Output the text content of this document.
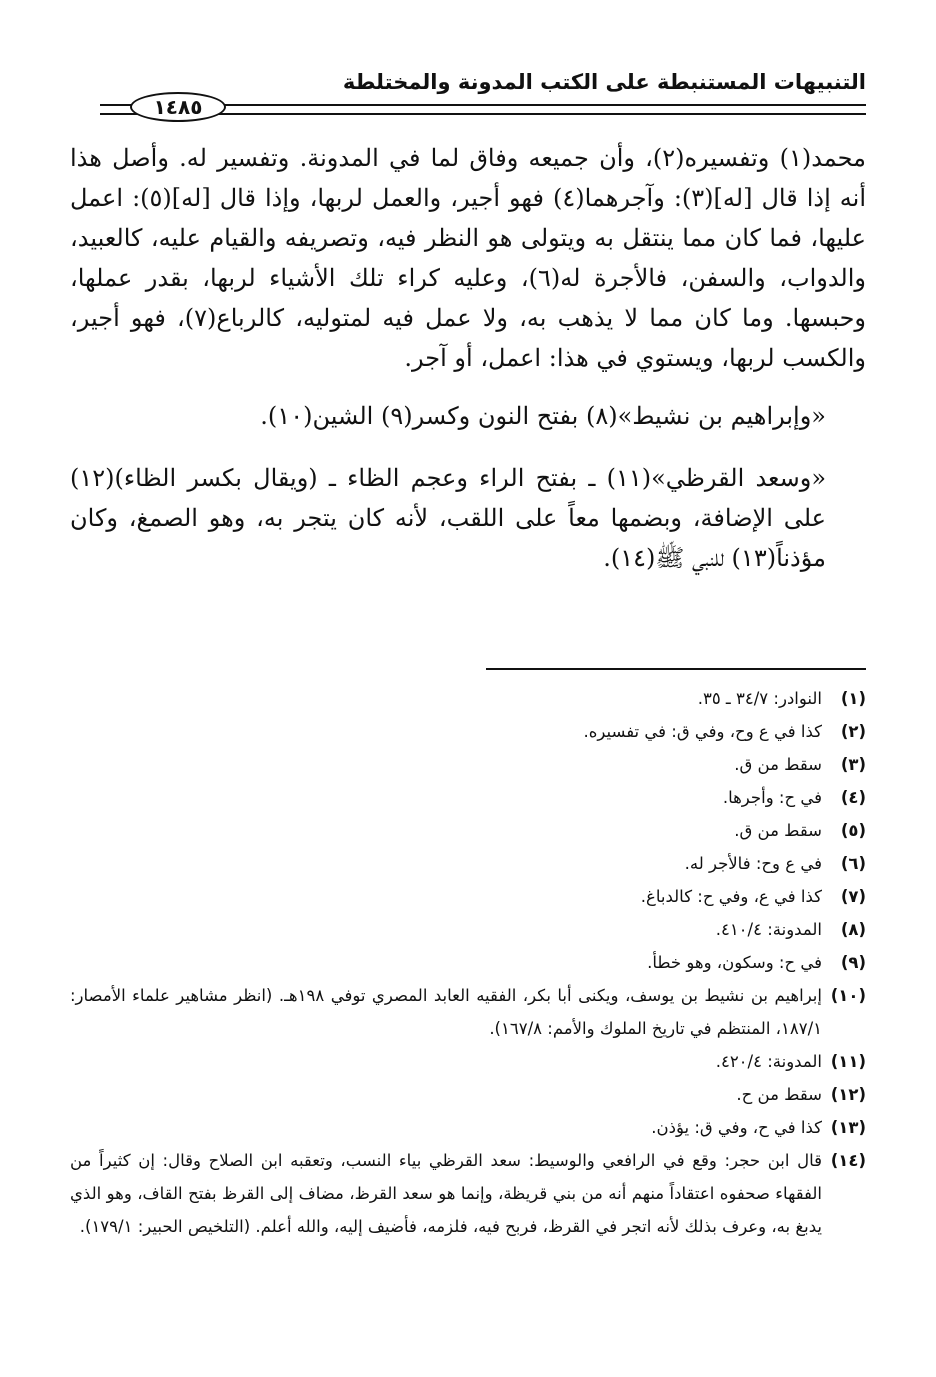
التنبيهات المستنبطة على الكتب المدونة والمختلطة
١٤٨٥

محمد(١) وتفسيره(٢)، وأن جميعه وفاق لما في المدونة. وتفسير له. وأصل هذا أنه إذا قال [له](٣): وآجرهما(٤) فهو أجير، والعمل لربها، وإذا قال [له](٥): اعمل عليها، فما كان مما ينتقل به ويتولى هو النظر فيه، وتصريفه والقيام عليه، كالعبيد، والدواب، والسفن، فالأجرة له(٦)، وعليه كراء تلك الأشياء لربها، بقدر عملها، وحبسها. وما كان مما لا يذهب به، ولا عمل فيه لمتوليه، كالرباع(٧)، فهو أجير، والكسب لربها، ويستوي في هذا: اعمل، أو آجر.

«وإبراهيم بن نشيط»(٨) بفتح النون وكسر(٩) الشين(١٠).

«وسعد القرظي»(١١) ـ بفتح الراء وعجم الظاء ـ (ويقال بكسر الظاء)(١٢) على الإضافة، وبضمها معاً على اللقب، لأنه كان يتجر به، وهو الصمغ، وكان مؤذناً(١٣) للنبي ﷺ(١٤).

(١)
النوادر: ٣٤/٧ ـ ٣٥.
(٢)
كذا في ع وح، وفي ق: في تفسيره.
(٣)
سقط من ق.
(٤)
في ح: وأجرها.
(٥)
سقط من ق.
(٦)
في ع وح: فالأجر له.
(٧)
كذا في ع، وفي ح: كالدباغ.
(٨)
المدونة: ٤١٠/٤.
(٩)
في ح: وسكون، وهو خطأ.
(١٠)
إبراهيم بن نشيط بن يوسف، ويكنى أبا بكر، الفقيه العابد المصري توفي ١٩٨هـ. (انظر مشاهير علماء الأمصار: ١٨٧/١، المنتظم في تاريخ الملوك والأمم: ١٦٧/٨).
(١١)
المدونة: ٤٢٠/٤.
(١٢)
سقط من ح.
(١٣)
كذا في ح، وفي ق: يؤذن.
(١٤)
قال ابن حجر: وقع في الرافعي والوسيط: سعد القرظي بياء النسب، وتعقبه ابن الصلاح وقال: إن كثيراً من الفقهاء صحفوه اعتقاداً منهم أنه من بني قريظة، وإنما هو سعد القرظ، مضاف إلى القرظ بفتح القاف، وهو الذي يدبغ به، وعرف بذلك لأنه اتجر في القرظ، فربح فيه، فلزمه، فأضيف إليه، والله أعلم. (التلخيص الحبير: ١٧٩/١).
